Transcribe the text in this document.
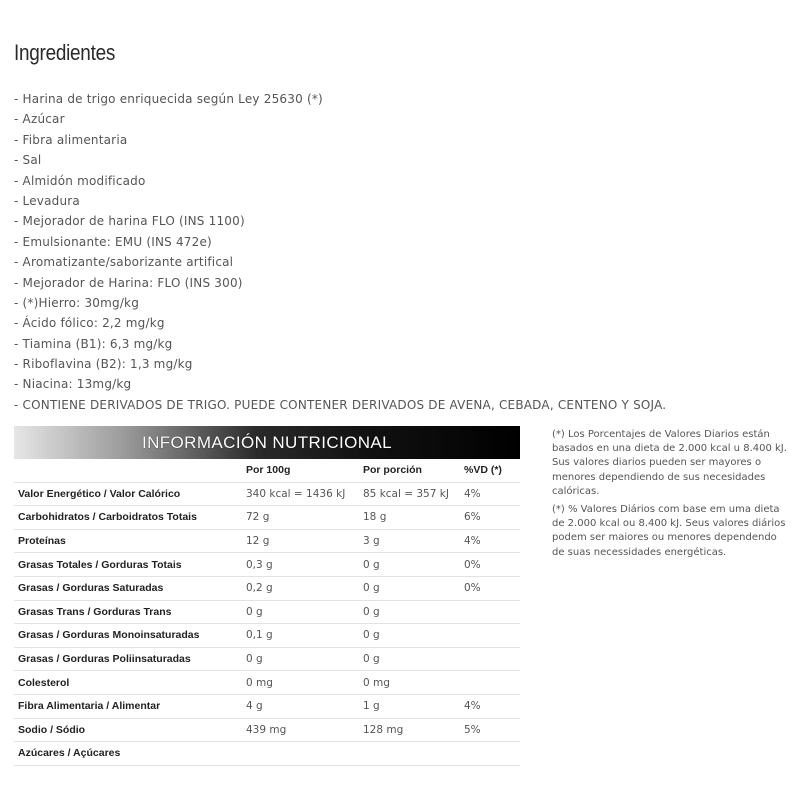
Ingredientes
- Harina de trigo enriquecida según Ley 25630 (*)
- Azúcar
- Fibra alimentaria
- Sal
- Almidón modificado
- Levadura
- Mejorador de harina FLO (INS 1100)
- Emulsionante: EMU (INS 472e)
- Aromatizante/saborizante artifical
- Mejorador de Harina: FLO (INS 300)
- (*)Hierro: 30mg/kg
- Ácido fólico: 2,2 mg/kg
- Tiamina (B1): 6,3 mg/kg
- Riboflavina (B2): 1,3 mg/kg
- Niacina: 13mg/kg
- CONTIENE DERIVADOS DE TRIGO. PUEDE CONTENER DERIVADOS DE AVENA, CEBADA, CENTENO Y SOJA.
INFORMACIÓN NUTRICIONAL
	Por 100g	Por porción	%VD (*)
Valor Energético / Valor Calórico	340 kcal = 1436 kJ	85 kcal = 357 kJ	4%
Carbohidratos / Carboidratos Totais	72 g	18 g	6%
Proteínas	12 g	3 g	4%
Grasas Totales / Gorduras Totais	0,3 g	0 g	0%
Grasas / Gorduras Saturadas	0,2 g	0 g	0%
Grasas Trans / Gorduras Trans	0 g	0 g	
Grasas / Gorduras Monoinsaturadas	0,1 g	0 g	
Grasas / Gorduras Poliinsaturadas	0 g	0 g	
Colesterol	0 mg	0 mg	
Fibra Alimentaria / Alimentar	4 g	1 g	4%
Sodio / Sódio	439 mg	128 mg	5%
Azúcares / Açúcares			

(*) Los Porcentajes de Valores Diarios están basados en una dieta de 2.000 kcal u 8.400 kJ. Sus valores diarios pueden ser mayores o menores dependiendo de sus necesidades calóricas.

(*) % Valores Diários com base em uma dieta de 2.000 kcal ou 8.400 kJ. Seus valores diários podem ser maiores ou menores dependendo de suas necessidades energéticas.
